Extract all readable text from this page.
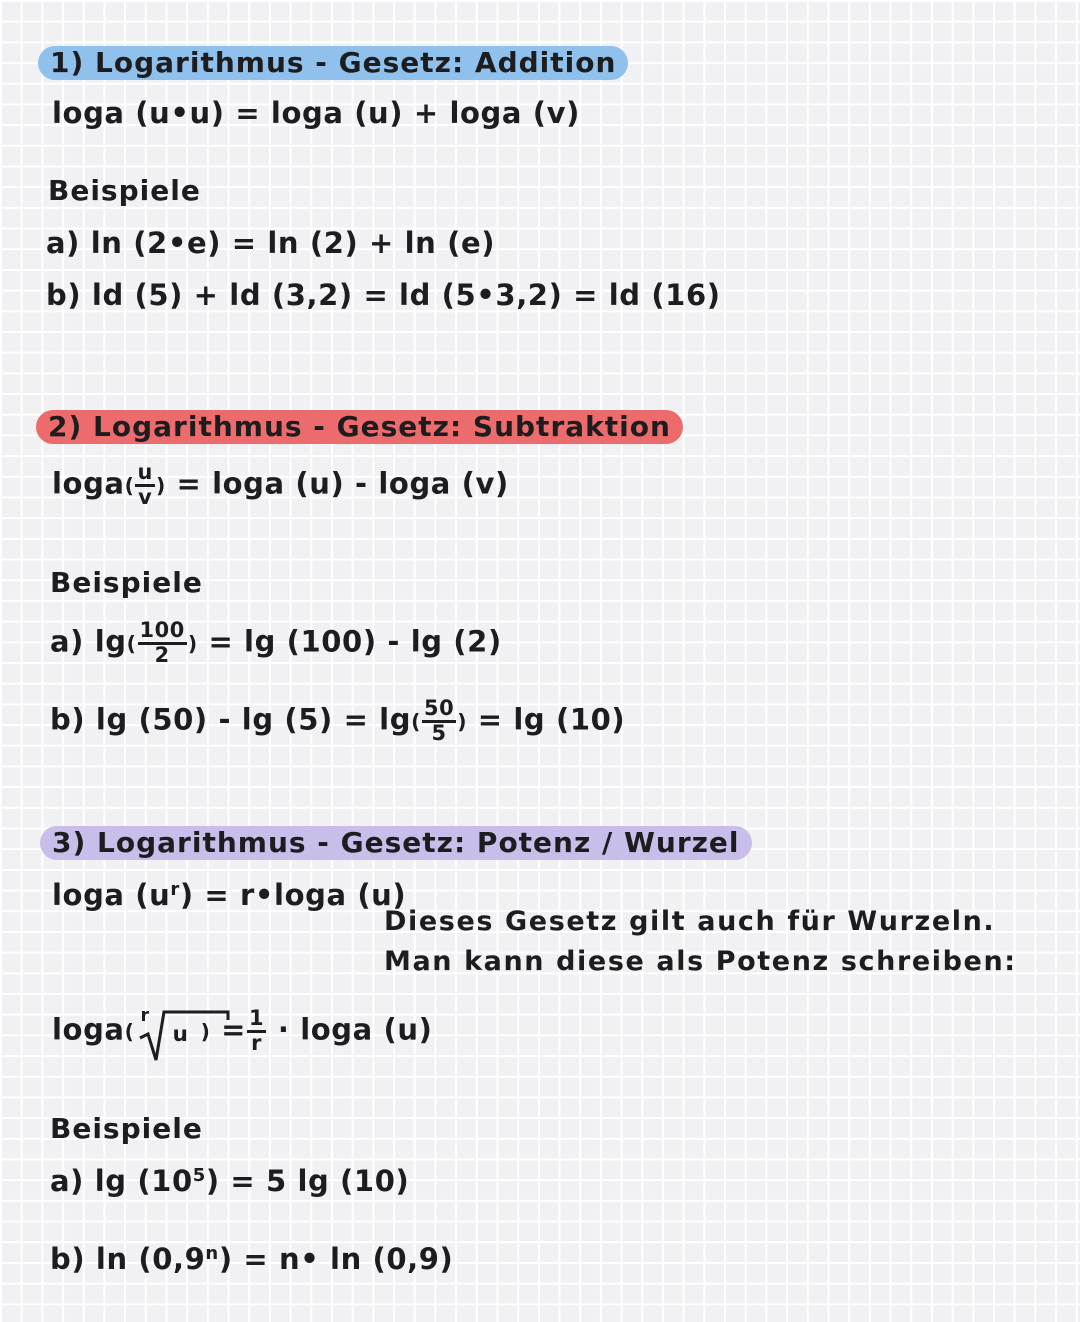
1) Logarithmus - Gesetz: Addition
loga (u•u) = loga (u) + loga (v)
Beispiele
a) ln (2•e) = ln (2) + ln (e)
b) ld (5) + ld (3,2) = ld (5•3,2) = ld (16)
2) Logarithmus - Gesetz: Subtraktion
$\log a( \frac{u}{v}$ ) = loga (u) - loga (v)
Beispiele
a) $\lg( \frac{100}{2}$ ) = lg (100) - lg (2)
b) $\lg (50) - \lg (5) = \lg( \frac{50}{5}$ ) = lg (10)
3) Logarithmus - Gesetz: Potenz / Wurzel
loga $(u^r)$ = r•loga (u)
Dieses Gesetz gilt auch für Wurzeln.
Man kann diese als Potenz schreiben:
loga(
r
u ) = $\frac{1}{r} \cdot \log a$ (u)
Beispiele
a) $\lg (10^5) = 5$ lg (10)
b) $\ln (0,9^n)$ = n• ln (0,9)
